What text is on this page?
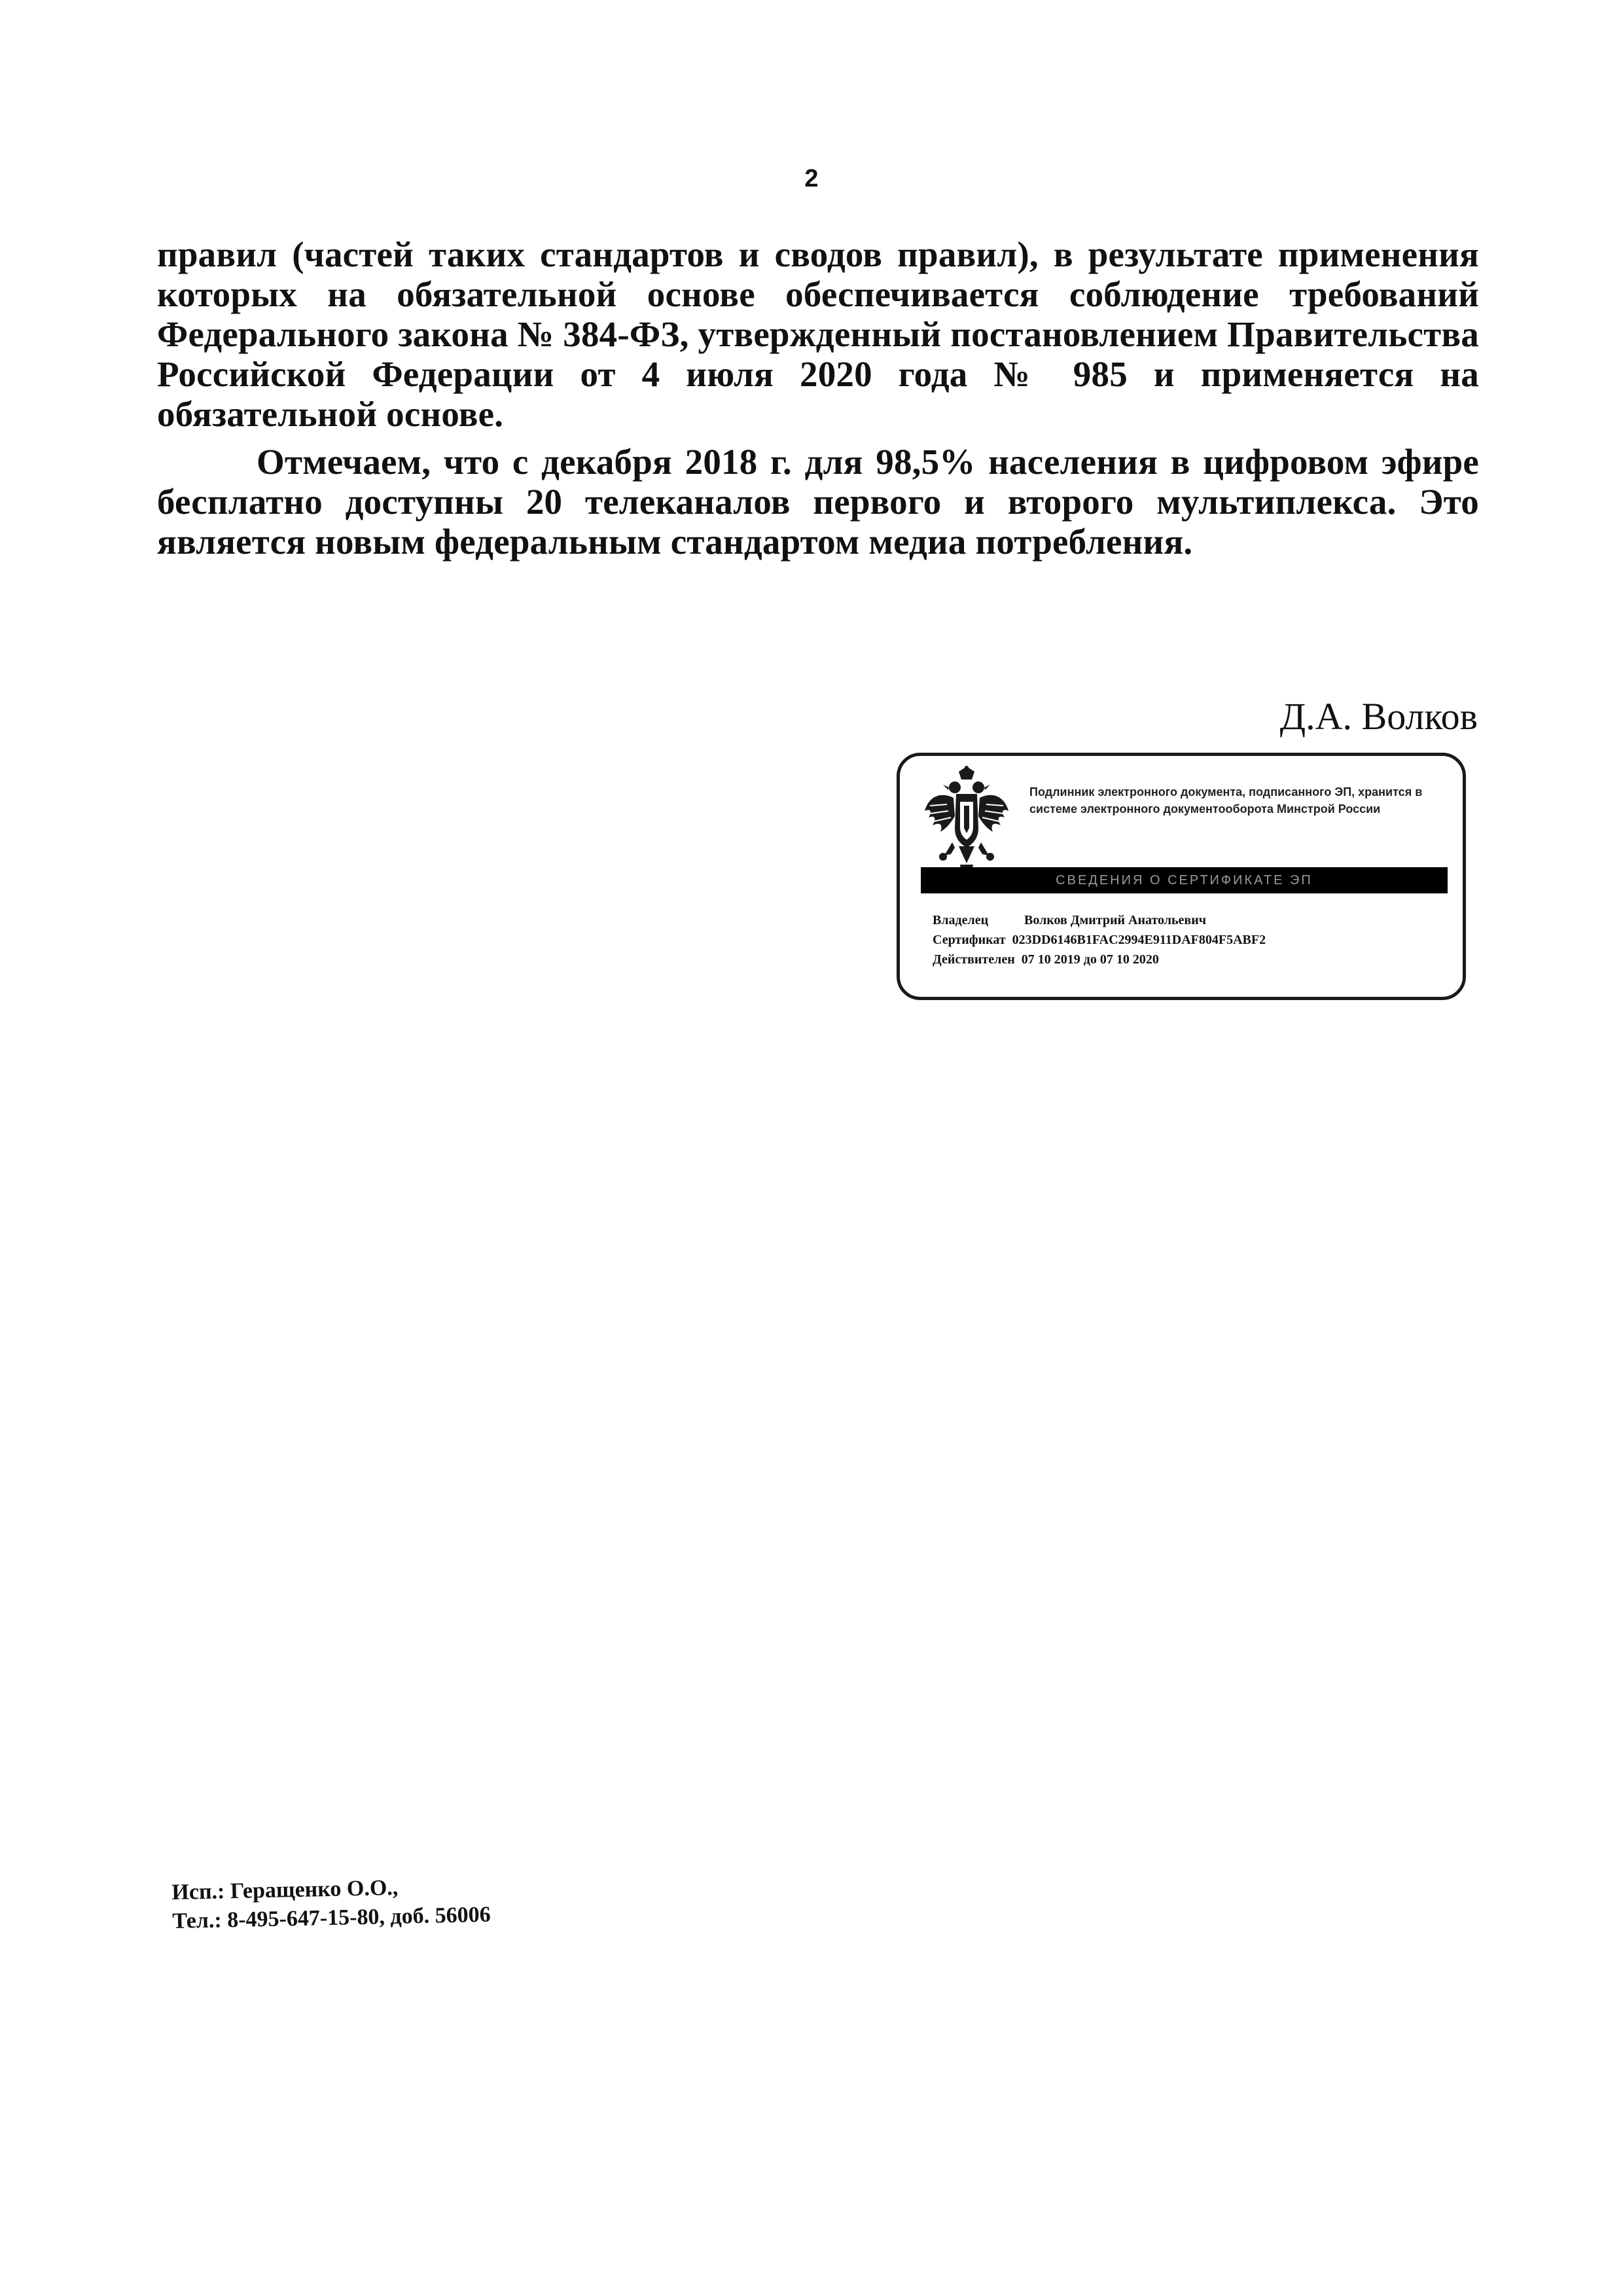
2

правил (частей таких стандартов и сводов правил), в результате применения которых на обязательной основе обеспечивается соблюдение требований Федерального закона № 384-ФЗ, утвержденный постановлением Правительства Российской Федерации от 4 июля 2020 года № 985 и применяется на обязательной основе.

Отмечаем, что с декабря 2018 г. для 98,5% населения в цифровом эфире бесплатно доступны 20 телеканалов первого и второго мультиплекса. Это является новым федеральным стандартом медиа потребления.

Д.А. Волков
Подлинник электронного документа, подписанного ЭП, хранится в системе электронного документооборота Минстрой России
СВЕДЕНИЯ О СЕРТИФИКАТЕ ЭП
Владелец	Волков Дмитрий Анатольевич
Сертификат 023DD6146B1FAC2994E911DAF804F5ABF2
Действителен 07 10 2019 до 07 10 2020
Исп.: Геращенко О.О.,
Тел.: 8-495-647-15-80, доб. 56006
